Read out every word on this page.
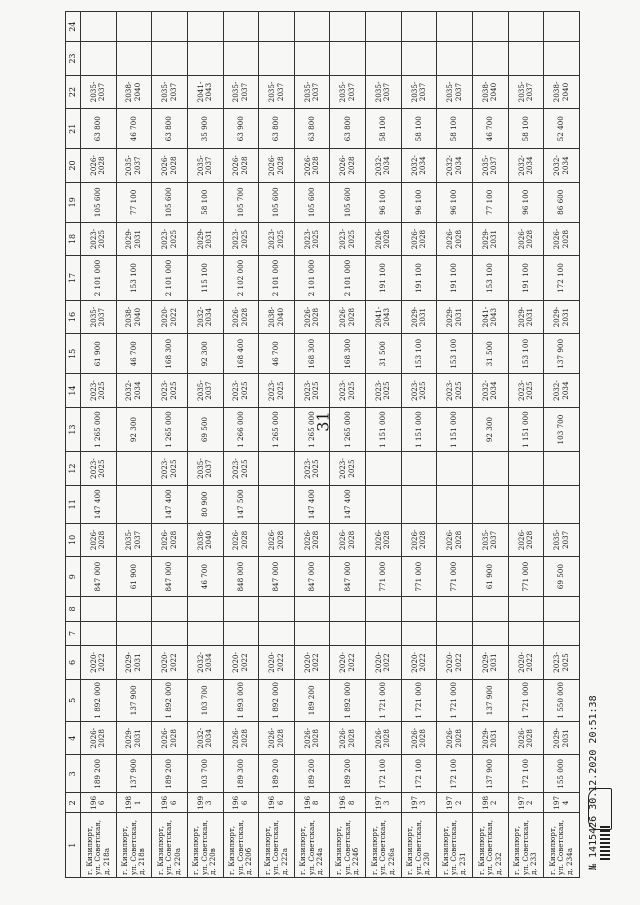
31
1	2	3	4	5	6	7	8	9	10	11	12	13	14	15	16	17	18	19	20	21	22	23	24
г. Кизилюрт, ул. Советская, д. 218а	1966	189 200	2026-2028	1 892 000	2020-2022			847 000	2026-2028	147 400	2023-2025	1 265 000	2023-2025	61 900	2035-2037	2 101 000	2023-2025	105 600	2026-2028	63 800	2035-2037		
г. Кизилюрт, ул. Советская, д. 218в	1981	137 900	2029-2031	137 900	2029-2031			61 900	2035-2037			92 300	2032-2034	46 700	2038-2040	153 100	2029-2031	77 100	2035-2037	46 700	2038-2040		
г. Кизилюрт, ул. Советская, д. 220а	1966	189 200	2026-2028	1 892 000	2020-2022			847 000	2026-2028	147 400	2023-2025	1 265 000	2023-2025	168 300	2020-2022	2 101 000	2023-2025	105 600	2026-2028	63 800	2035-2037		
г. Кизилюрт, ул. Советская, д. 220в	1993	103 700	2032-2034	103 700	2032-2034			46 700	2038-2040	80 900	2035-2037	69 500	2035-2037	92 300	2032-2034	115 100	2029-2031	58 100	2035-2037	35 900	2041-2043		
г. Кизилюрт, ул. Советская, д. 220б	1966	189 300	2026-2028	1 893 000	2020-2022			848 000	2026-2028	147 500	2023-2025	1 266 000	2023-2025	168 400	2026-2028	2 102 000	2023-2025	105 700	2026-2028	63 900	2035-2037		
г. Кизилюрт, ул. Советская, д. 222а	1966	189 200	2026-2028	1 892 000	2020-2022			847 000	2026-2028			1 265 000	2023-2025	46 700	2038-2040	2 101 000	2023-2025	105 600	2026-2028	63 800	2035-2037		
г. Кизилюрт, ул. Советская, д. 224а	1968	189 200	2026-2028	189 200	2020-2022			847 000	2026-2028	147 400	2023-2025	1 265 000	2023-2025	168 300	2026-2028	2 101 000	2023-2025	105 600	2026-2028	63 800	2035-2037		
г. Кизилюрт, ул. Советская, д. 224б	1968	189 200	2026-2028	1 892 000	2020-2022			847 000	2026-2028	147 400	2023-2025	1 265 000	2023-2025	168 300	2026-2028	2 101 000	2023-2025	105 600	2026-2028	63 800	2035-2037		
г. Кизилюрт, ул. Советская, д. 226а	1973	172 100	2026-2028	1 721 000	2020-2022			771 000	2026-2028			1 151 000	2023-2025	31 500	2041-2043	191 100	2026-2028	96 100	2032-2034	58 100	2035-2037		
г. Кизилюрт, ул. Советская, д. 230	1973	172 100	2026-2028	1 721 000	2020-2022			771 000	2026-2028			1 151 000	2023-2025	153 100	2029-2031	191 100	2026-2028	96 100	2032-2034	58 100	2035-2037		
г. Кизилюрт, ул. Советская, д. 231	1972	172 100	2026-2028	1 721 000	2020-2022			771 000	2026-2028			1 151 000	2023-2025	153 100	2029-2031	191 100	2026-2028	96 100	2032-2034	58 100	2035-2037		
г. Кизилюрт, ул. Советская, д. 232	1982	137 900	2029-2031	137 900	2029-2031			61 900	2035-2037			92 300	2032-2034	31 500	2041-2043	153 100	2029-2031	77 100	2035-2037	46 700	2038-2040		
г. Кизилюрт, ул. Советская, д. 233	1972	172 100	2026-2028	1 721 000	2020-2022			771 000	2026-2028			1 151 000	2023-2025	153 100	2029-2031	191 100	2026-2028	96 100	2032-2034	58 100	2035-2037		
г. Кизилюрт, ул. Советская, д. 234а	1974	155 000	2029-2031	1 550 000	2023-2025			69 500	2035-2037			103 700	2032-2034	137 900	2029-2031	172 100	2026-2028	86 600	2032-2034	52 400	2038-2040		
№ 1415426 30.12.2020 20:51:38
